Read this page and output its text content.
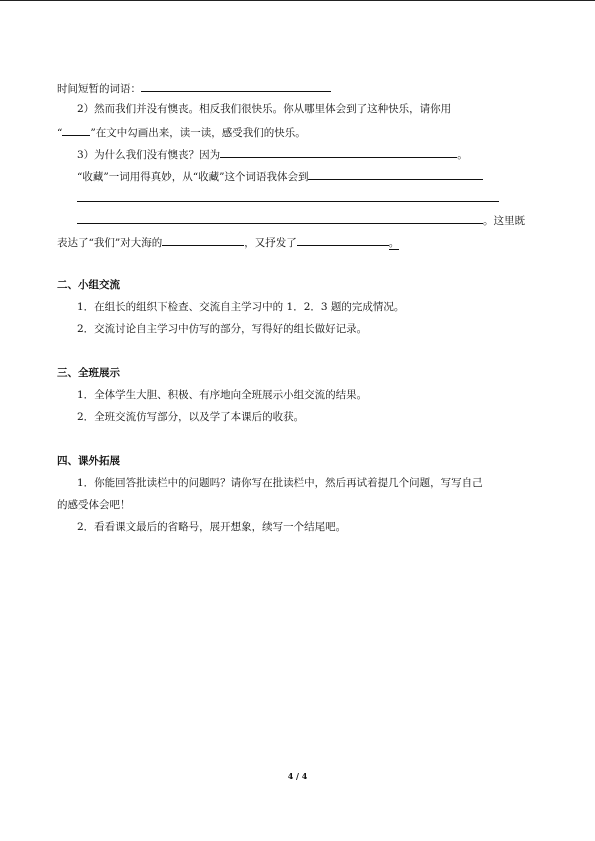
时间短暂的词语：
2）然而我们并没有懊丧。相反我们很快乐。你从哪里体会到了这种快乐，请你用
“	”在文中勾画出来，读一读，感受我们的快乐。
3）为什么我们没有懊丧？因为	。
“收藏”一词用得真妙，从“收藏”这个词语我体会到
。这里既
表达了“我们”对大海的	，又抒发了	。
二、小组交流
1．在组长的组织下检查、交流自主学习中的 1．2．3 题的完成情况。
2．交流讨论自主学习中仿写的部分，写得好的组长做好记录。
三、全班展示
1．全体学生大胆、积极、有序地向全班展示小组交流的结果。
2．全班交流仿写部分，以及学了本课后的收获。
四、课外拓展
1．你能回答批读栏中的问题吗？请你写在批读栏中，然后再试着提几个问题，写写自己
的感受体会吧！
2．看看课文最后的省略号，展开想象，续写一个结尾吧。
4 / 4
